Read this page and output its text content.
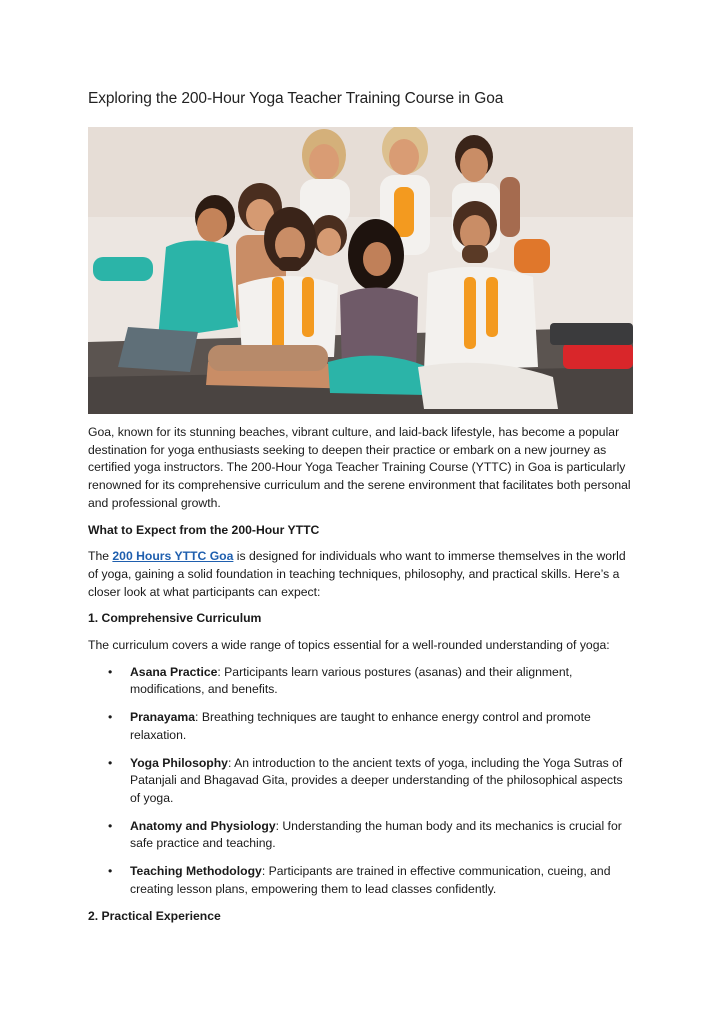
Exploring the 200-Hour Yoga Teacher Training Course in Goa

Goa, known for its stunning beaches, vibrant culture, and laid-back lifestyle, has become a popular destination for yoga enthusiasts seeking to deepen their practice or embark on a new journey as certified yoga instructors. The 200-Hour Yoga Teacher Training Course (YTTC) in Goa is particularly renowned for its comprehensive curriculum and the serene environment that facilitates both personal and professional growth.

What to Expect from the 200-Hour YTTC

The 200 Hours YTTC Goa is designed for individuals who want to immerse themselves in the world of yoga, gaining a solid foundation in teaching techniques, philosophy, and practical skills. Here’s a closer look at what participants can expect:

1. Comprehensive Curriculum

The curriculum covers a wide range of topics essential for a well-rounded understanding of yoga:

• Asana Practice: Participants learn various postures (asanas) and their alignment, modifications, and benefits.
• Pranayama: Breathing techniques are taught to enhance energy control and promote relaxation.
• Yoga Philosophy: An introduction to the ancient texts of yoga, including the Yoga Sutras of Patanjali and Bhagavad Gita, provides a deeper understanding of the philosophical aspects of yoga.
• Anatomy and Physiology: Understanding the human body and its mechanics is crucial for safe practice and teaching.
• Teaching Methodology: Participants are trained in effective communication, cueing, and creating lesson plans, empowering them to lead classes confidently.

2. Practical Experience
